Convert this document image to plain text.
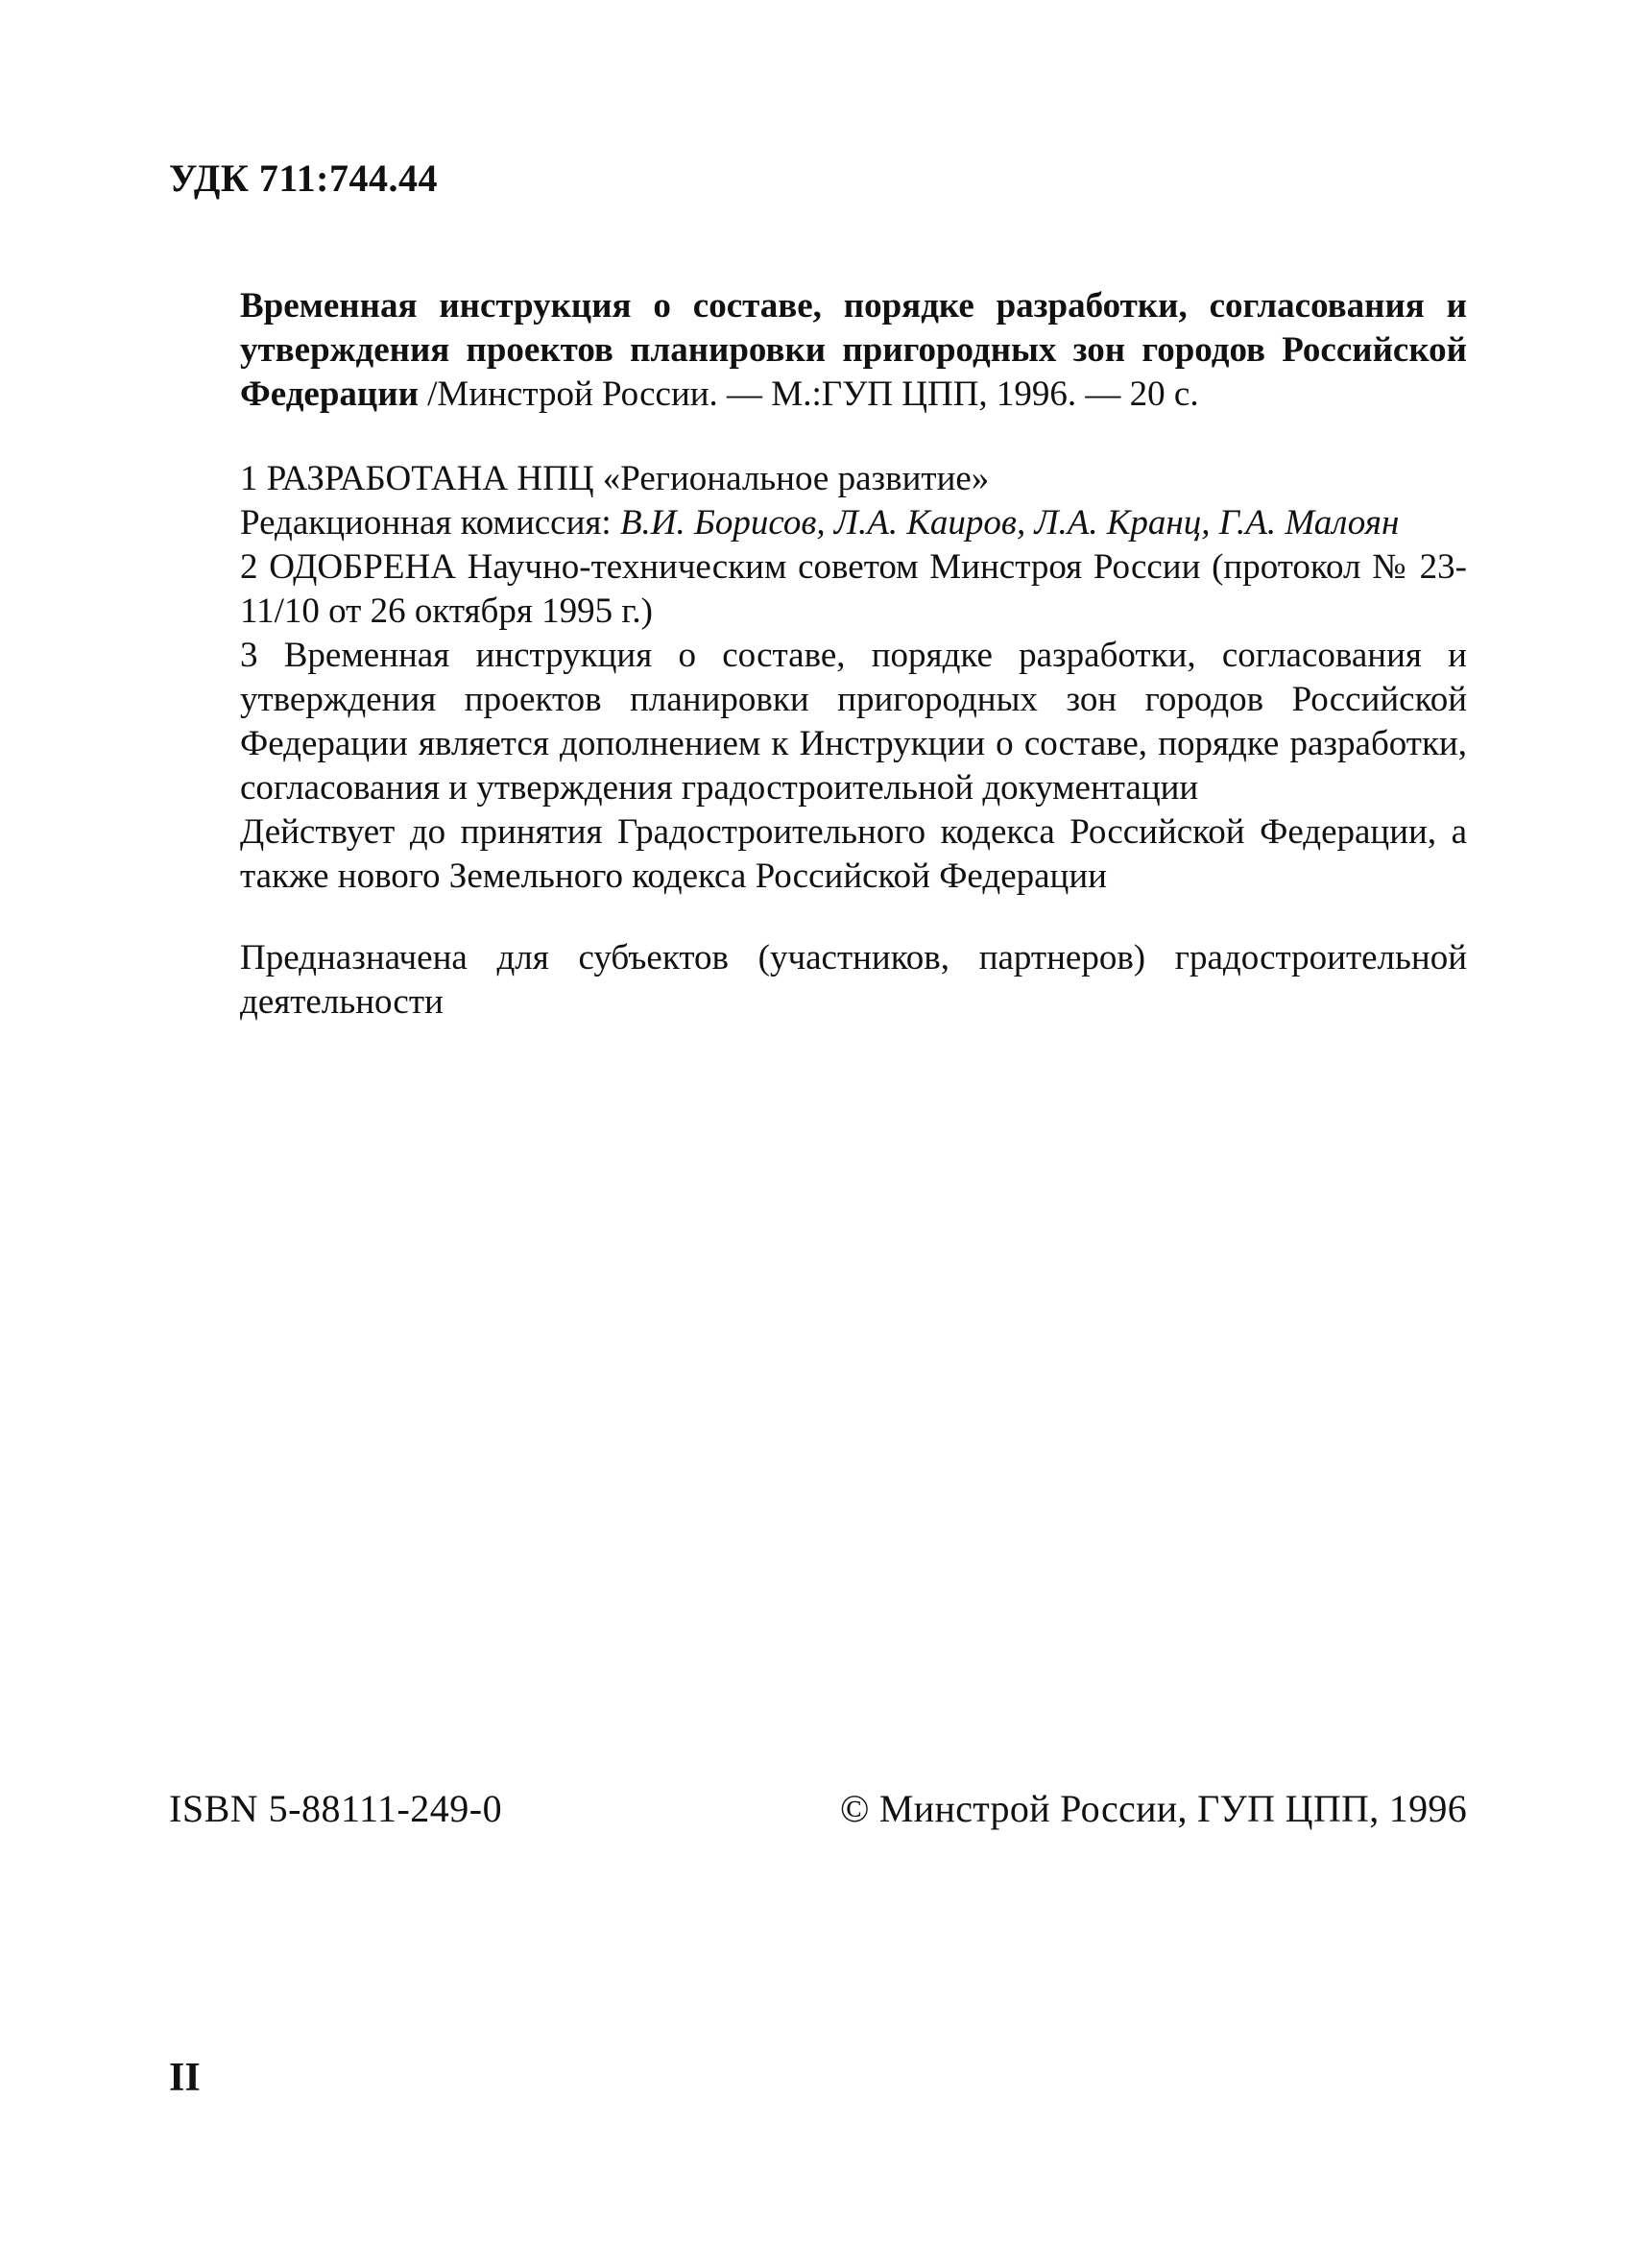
УДК 711:744.44
Временная инструкция о составе, порядке разработки, согласования и утверждения проектов планировки пригородных зон городов Российской Федерации /Минстрой России. — М.:ГУП ЦПП, 1996. — 20 с.

1 РАЗРАБОТАНА НПЦ «Региональное развитие»

Редакционная комиссия: В.И. Борисов, Л.А. Каиров, Л.А. Кранц, Г.А. Малоян

2 ОДОБРЕНА Научно-техническим советом Минстроя России (протокол № 23-11/10 от 26 октября 1995 г.)

3 Временная инструкция о составе, порядке разработки, согласования и утверждения проектов планировки пригородных зон городов Российской Федерации является дополнением к Инструкции о составе, порядке разработки, согласования и утверждения градостроительной документации

Действует до принятия Градостроительного кодекса Российской Федерации, а также нового Земельного кодекса Российской Федерации

Предназначена для субъектов (участников, партнеров) градостроительной деятельности
ISBN 5-88111-249-0	© Минстрой России, ГУП ЦПП, 1996
II
